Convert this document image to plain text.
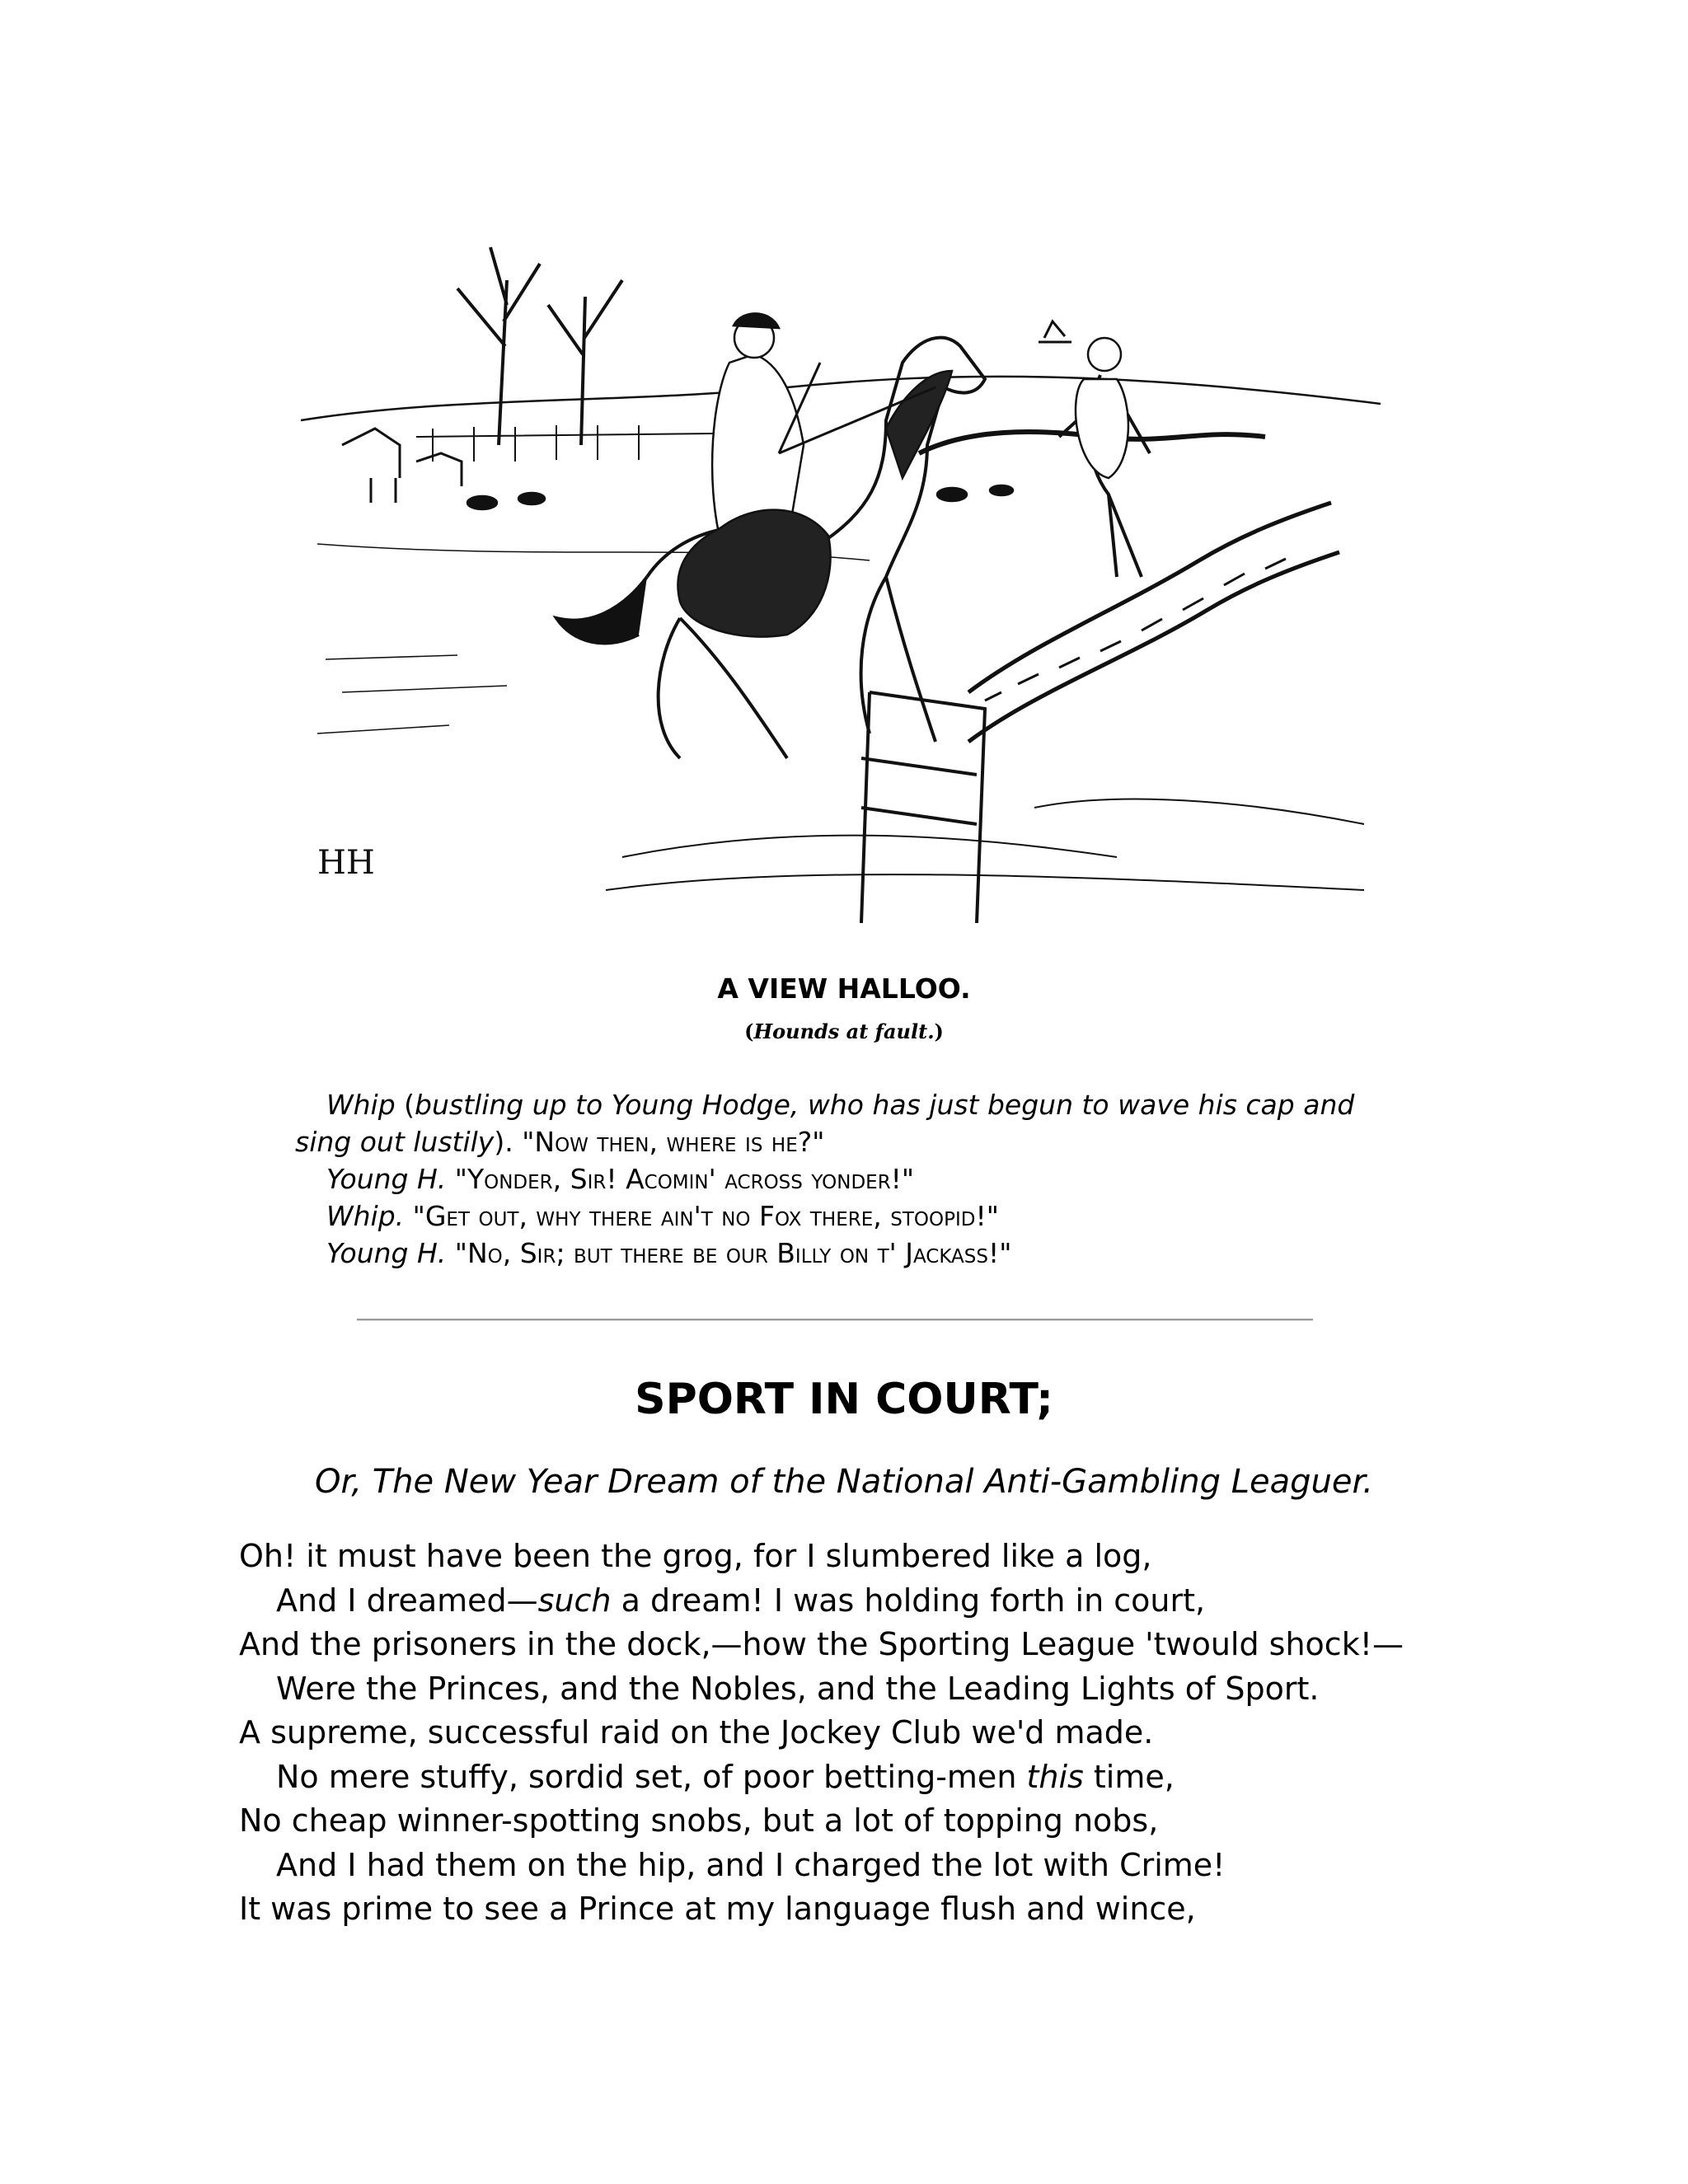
HH
A VIEW HALLOO.
(Hounds at fault.)

Whip (bustling up to Young Hodge, who has just begun to wave his cap and sing out lustily). "Now then, where is he?"

Young H. "Yonder, Sir! Acomin' across yonder!"

Whip. "Get out, why there ain't no Fox there, stoopid!"

Young H. "No, Sir; but there be our Billy on t' Jackass!"

SPORT IN COURT;
Or, The New Year Dream of the National Anti-Gambling Leaguer.
Oh! it must have been the grog, for I slumbered like a log,
And I dreamed—such a dream! I was holding forth in court,
And the prisoners in the dock,—how the Sporting League 'twould shock!—
Were the Princes, and the Nobles, and the Leading Lights of Sport.
A supreme, successful raid on the Jockey Club we'd made.
No mere stuffy, sordid set, of poor betting-men this time,
No cheap winner-spotting snobs, but a lot of topping nobs,
And I had them on the hip, and I charged the lot with Crime!
It was prime to see a Prince at my language flush and wince,
